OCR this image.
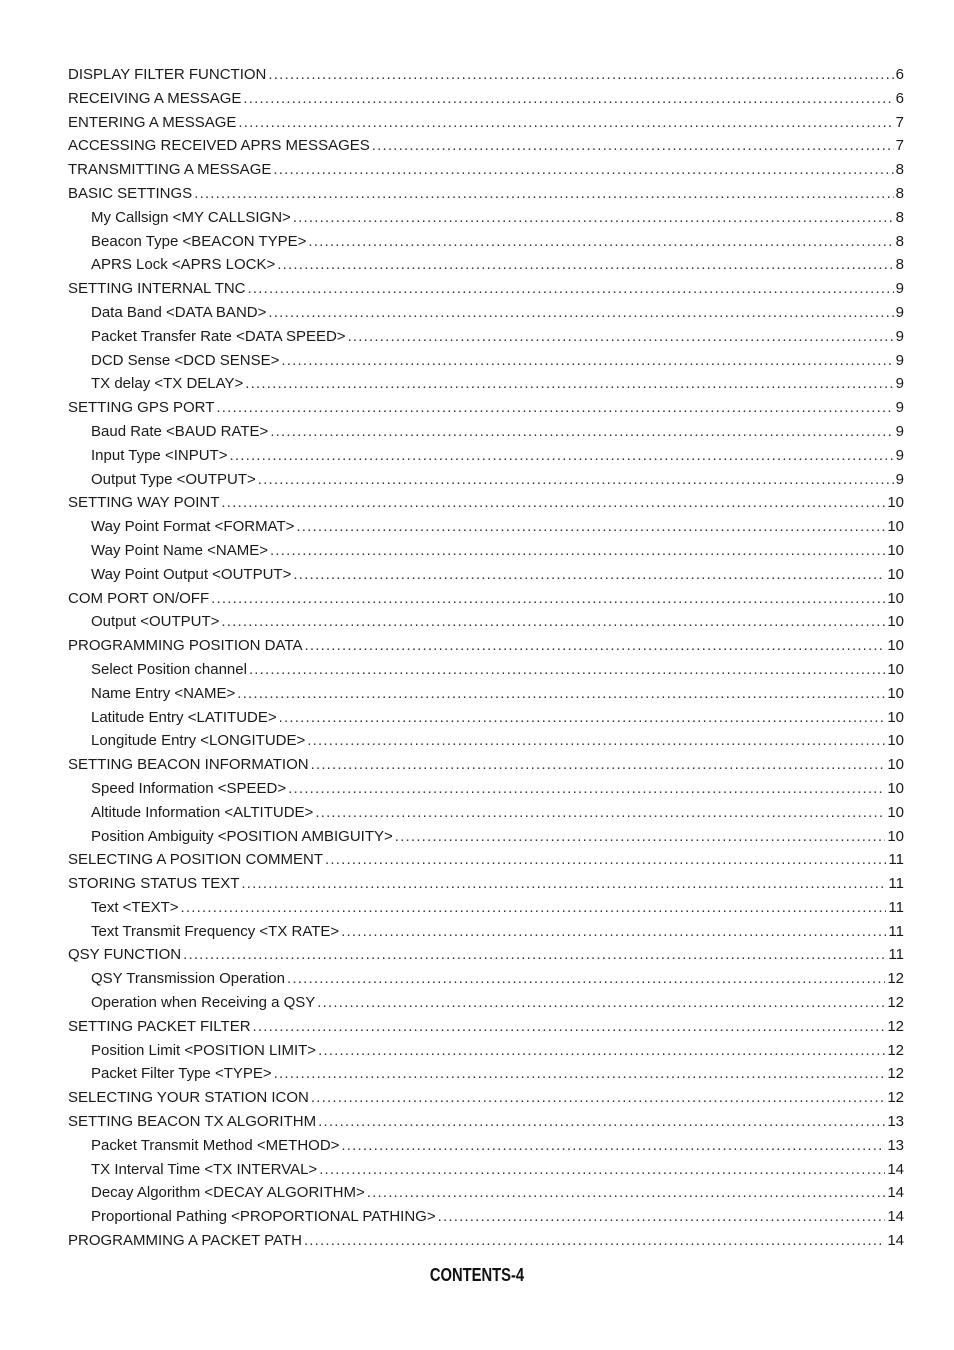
DISPLAY FILTER FUNCTION .....	6
RECEIVING A MESSAGE .....	6
ENTERING A MESSAGE .....	7
ACCESSING RECEIVED APRS MESSAGES .....	7
TRANSMITTING A MESSAGE .....	8
BASIC SETTINGS .....	8
My Callsign <MY CALLSIGN> .....	8
Beacon Type <BEACON TYPE> .....	8
APRS Lock <APRS LOCK> .....	8
SETTING INTERNAL TNC .....	9
Data Band <DATA BAND> .....	9
Packet Transfer Rate <DATA SPEED> .....	9
DCD Sense <DCD SENSE> .....	9
TX delay <TX DELAY> .....	9
SETTING GPS PORT .....	9
Baud Rate <BAUD RATE> .....	9
Input Type <INPUT> .....	9
Output Type <OUTPUT> .....	9
SETTING WAY POINT .....	10
Way Point Format <FORMAT> .....	10
Way Point Name <NAME> .....	10
Way Point Output <OUTPUT> .....	10
COM PORT ON/OFF .....	10
Output <OUTPUT> .....	10
PROGRAMMING POSITION DATA .....	10
Select Position channel .....	10
Name Entry <NAME> .....	10
Latitude Entry <LATITUDE> .....	10
Longitude Entry <LONGITUDE> .....	10
SETTING BEACON INFORMATION .....	10
Speed Information <SPEED> .....	10
Altitude Information <ALTITUDE> .....	10
Position Ambiguity <POSITION AMBIGUITY> .....	10
SELECTING A POSITION COMMENT .....	11
STORING STATUS TEXT .....	11
Text <TEXT> .....	11
Text Transmit Frequency <TX RATE> .....	11
QSY FUNCTION .....	11
QSY Transmission Operation .....	12
Operation when Receiving a QSY .....	12
SETTING PACKET FILTER .....	12
Position Limit <POSITION LIMIT> .....	12
Packet Filter Type <TYPE> .....	12
SELECTING YOUR STATION ICON .....	12
SETTING BEACON TX ALGORITHM .....	13
Packet Transmit Method <METHOD> .....	13
TX Interval Time <TX INTERVAL> .....	14
Decay Algorithm <DECAY ALGORITHM> .....	14
Proportional Pathing <PROPORTIONAL PATHING> .....	14
PROGRAMMING A PACKET PATH .....	14
CONTENTS-4
